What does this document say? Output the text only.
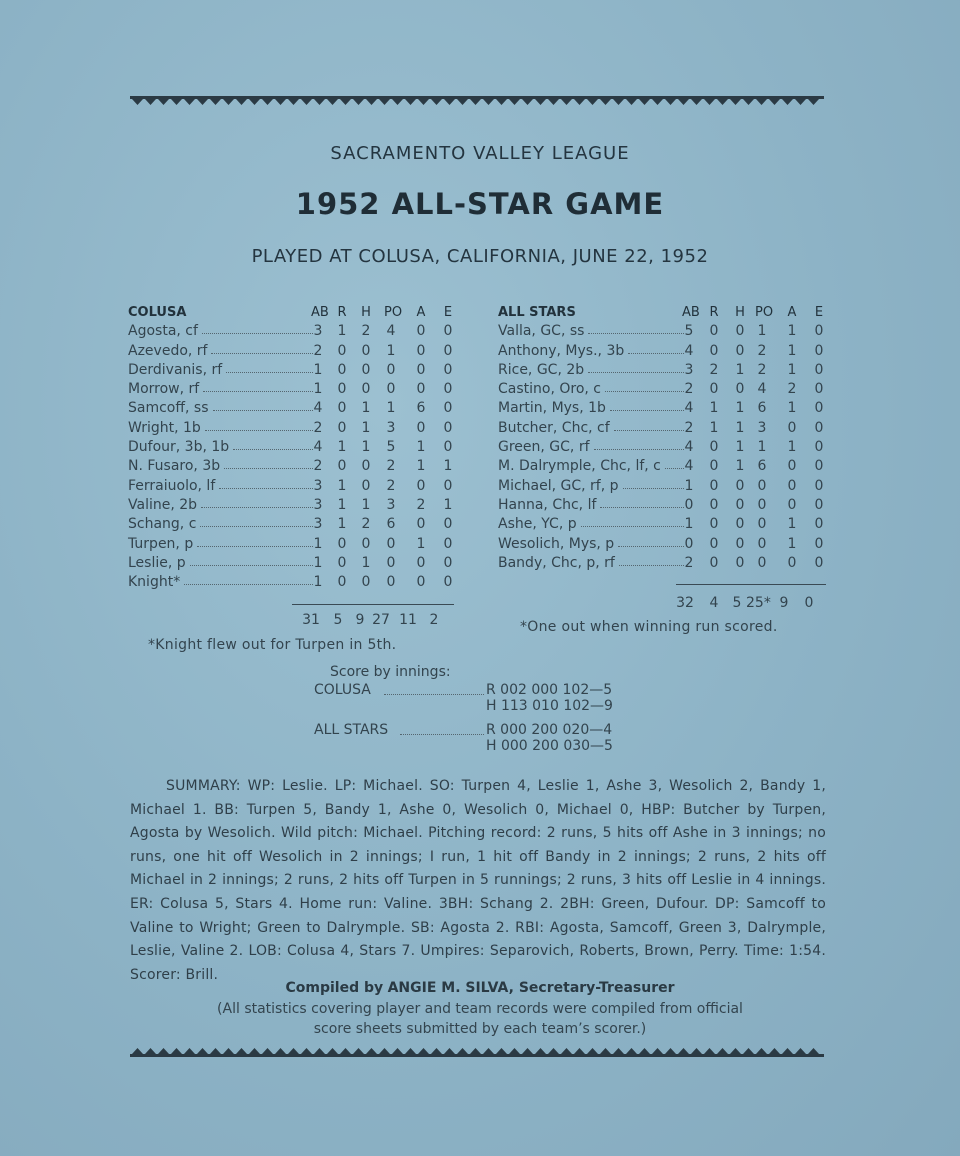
SACRAMENTO VALLEY LEAGUE
1952 ALL-STAR GAME
PLAYED AT COLUSA, CALIFORNIA, JUNE 22, 1952
COLUSA	AB R H PO A E
Agosta, cf	3 1 2 4 0 0
Azevedo, rf	2 0 0 1 0 0
Derdivanis, rf	1 0 0 0 0 0
Morrow, rf	1 0 0 0 0 0
Samcoff, ss	4 0 1 1 6 0
Wright, 1b	2 0 1 3 0 0
Dufour, 3b, 1b	4 1 1 5 1 0
N. Fusaro, 3b	2 0 0 2 1 1
Ferraiuolo, lf	3 1 0 2 0 0
Valine, 2b	3 1 1 3 2 1
Schang, c	3 1 2 6 0 0
Turpen, p	1 0 0 0 1 0
Leslie, p	1 0 1 0 0 0
Knight*	1 0 0 0 0 0
31 5 9 27 11 2
*Knight flew out for Turpen in 5th.
ALL STARS	AB R H PO A E
Valla, GC, ss	5 0 0 1 1 0
Anthony, Mys., 3b	4 0 0 2 1 0
Rice, GC, 2b	3 2 1 2 1 0
Castino, Oro, c	2 0 0 4 2 0
Martin, Mys, 1b	4 1 1 6 1 0
Butcher, Chc, cf	2 1 1 3 0 0
Green, GC, rf	4 0 1 1 1 0
M. Dalrymple, Chc, lf, c 4 0 1 6 0 0
Michael, GC, rf, p	1 0 0 0 0 0
Hanna, Chc, lf	0 0 0 0 0 0
Ashe, YC, p	1 0 0 0 1 0
Wesolich, Mys, p	0 0 0 0 1 0
Bandy, Chc, p, rf	2 0 0 0 0 0
32	4	5 25* 9	0
*One out when winning run scored.
Score by innings:
COLUSA	R 002 000 102—5
H 113 010 102—9
ALL STARS	R 000 200 020—4
H 000 200 030—5

SUMMARY: WP: Leslie. LP: Michael. SO: Turpen 4, Leslie 1, Ashe 3, Wesolich 2, Bandy 1, Michael 1. BB: Turpen 5, Bandy 1, Ashe 0, Wesolich 0, Michael 0, HBP: Butcher by Turpen, Agosta by Wesolich. Wild pitch: Michael. Pitching record: 2 runs, 5 hits off Ashe in 3 innings; no runs, one hit off Wesolich in 2 innings; I run, 1 hit off Bandy in 2 innings; 2 runs, 2 hits off Michael in 2 innings; 2 runs, 2 hits off Turpen in 5 runnings; 2 runs, 3 hits off Leslie in 4 innings. ER: Colusa 5, Stars 4. Home run: Valine. 3BH: Schang 2. 2BH: Green, Dufour. DP: Samcoff to Valine to Wright; Green to Dalrymple. SB: Agosta 2. RBI: Agosta, Samcoff, Green 3, Dalrymple, Leslie, Valine 2. LOB: Colusa 4, Stars 7. Umpires: Separovich, Roberts, Brown, Perry. Time: 1:54. Scorer: Brill.

Compiled by ANGIE M. SILVA, Secretary-Treasurer
(All statistics covering player and team records were compiled from official
score sheets submitted by each team’s scorer.)
